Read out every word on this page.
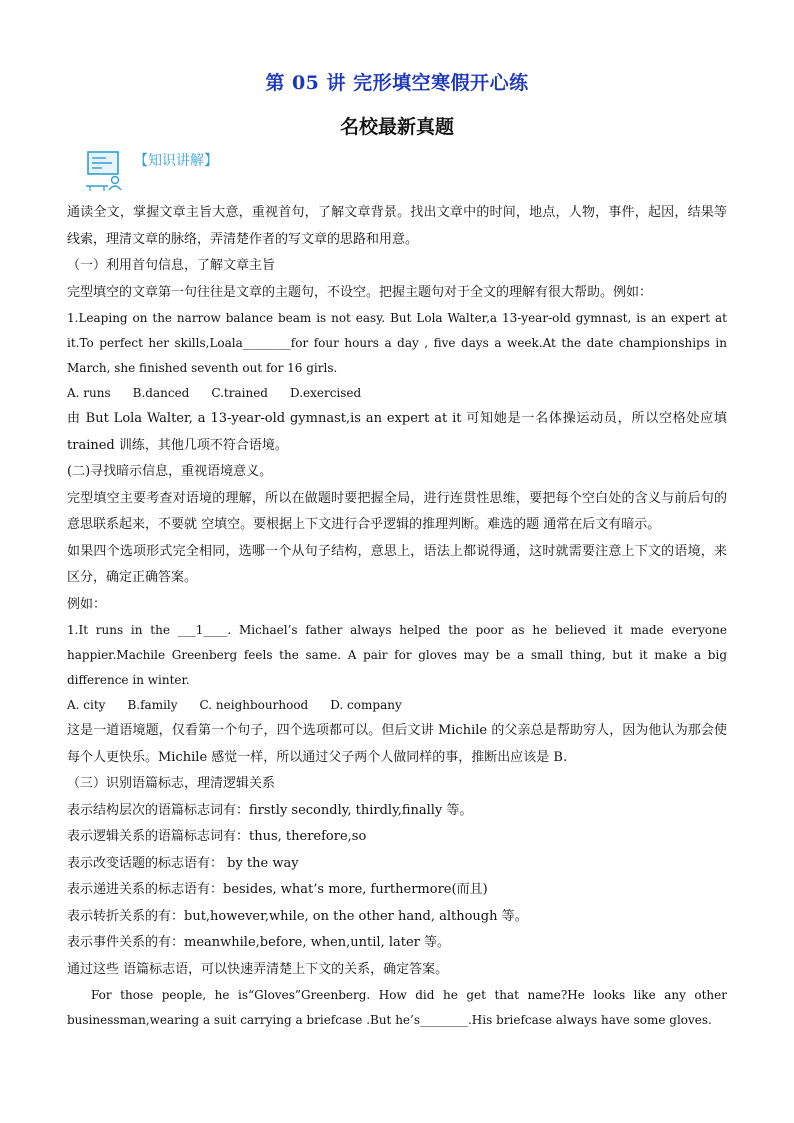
第 05 讲 完形填空寒假开心练
名校最新真题
【知识讲解】

通读全文，掌握文章主旨大意，重视首句，了解文章背景。找出文章中的时间，地点，人物，事件，起因，结果等线索，理清文章的脉络，弄清楚作者的写文章的思路和用意。

（一）利用首句信息，了解文章主旨

完型填空的文章第一句往往是文章的主题句，不设空。把握主题句对于全文的理解有很大帮助。例如：

1.Leaping on the narrow balance beam is not easy. But Lola Walter,a 13-year-old gymnast, is an expert at it.To perfect her skills,Loala________for four hours a day , five days a week.At the date championships in March, she finished seventh out for 16 girls.

A. runs B.danced C.trained D.exercised

由 But Lola Walter, a 13-year-old gymnast,is an expert at it 可知她是一名体操运动员，所以空格处应填 trained 训练，其他几项不符合语境。

(二)寻找暗示信息，重视语境意义。

完型填空主要考查对语境的理解，所以在做题时要把握全局，进行连贯性思维，要把每个空白处的含义与前后句的意思联系起来，不要就 空填空。要根据上下文进行合乎逻辑的推理判断。难选的题 通常在后文有暗示。

如果四个选项形式完全相同，选哪一个从句子结构，意思上，语法上都说得通，这时就需要注意上下文的语境，来区分，确定正确答案。

例如：

1.It runs in the ___1____. Michael’s father always helped the poor as he believed it made everyone happier.Machile Greenberg feels the same. A pair for gloves may be a small thing, but it make a big difference in winter.

A. city B.family C. neighbourhood D. company

这是一道语境题，仅看第一个句子，四个选项都可以。但后文讲 Michile 的父亲总是帮助穷人，因为他认为那会使每个人更快乐。Michile 感觉一样，所以通过父子两个人做同样的事，推断出应该是 B.

（三）识别语篇标志，理清逻辑关系

表示结构层次的语篇标志词有：firstly secondly, thirdly,finally 等。

表示逻辑关系的语篇标志词有：thus, therefore,so

表示改变话题的标志语有： by the way

表示递进关系的标志语有：besides, what’s more, furthermore(而且)

表示转折关系的有：but,however,while, on the other hand, although 等。

表示事件关系的有：meanwhile,before, when,until, later 等。

通过这些 语篇标志语，可以快速弄清楚上下文的关系，确定答案。

For those people, he is“Gloves”Greenberg. How did he get that name?He looks like any other businessman,wearing a suit carrying a briefcase .But he’s________.His briefcase always have some gloves.
